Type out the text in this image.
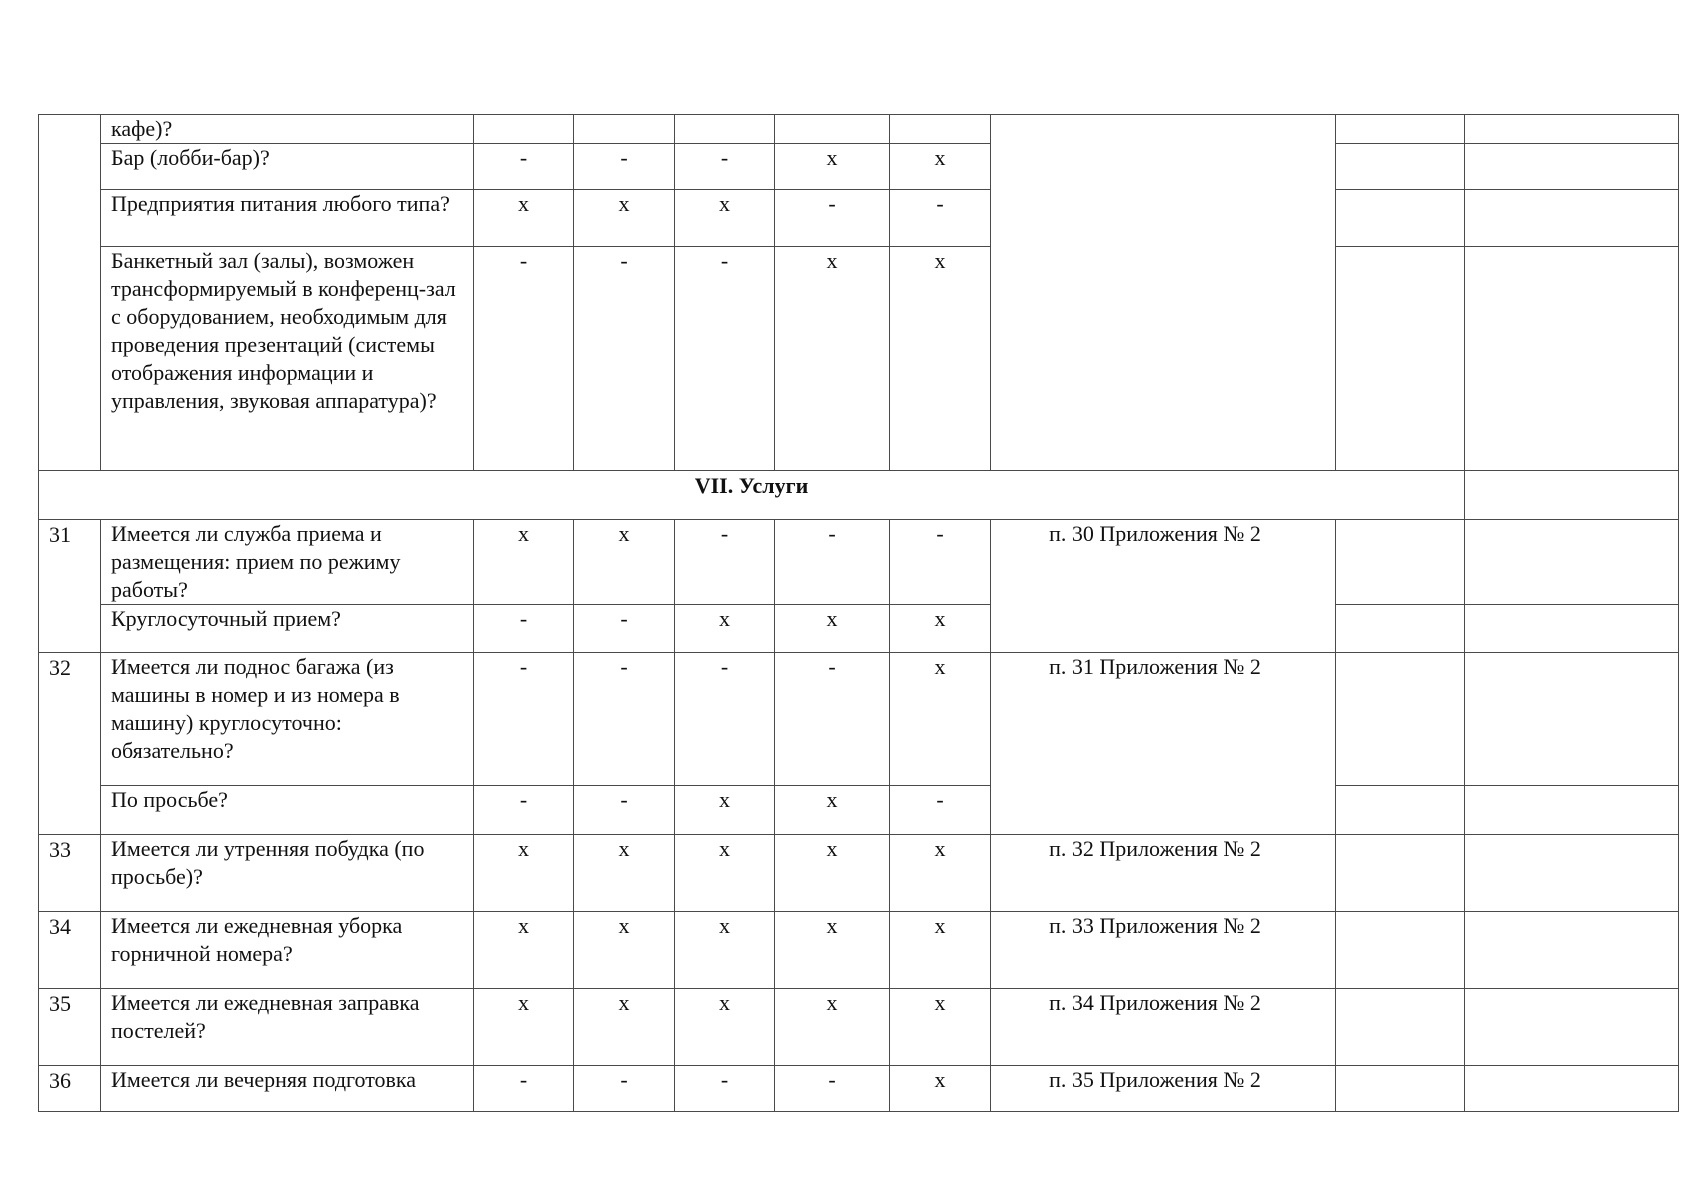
	кафе)?								
	Бар (лобби-бар)?	-	-	-	x	x			
	Предприятия питания любого типа?	x	x	x	-	-			
	Банкетный зал (залы), возможен трансформируемый в конференц-зал с оборудованием, необходимым для проведения презентаций (системы отображения информации и управления, звуковая аппаратура)?	-	-	-	x	x			
VII. Услуги									
31	Имеется ли служба приема и размещения: прием по режиму работы?	x	x	-	-	-	п. 30 Приложения № 2		
	Круглосуточный прием?	-	-	x	x	x			
32	Имеется ли поднос багажа (из машины в номер и из номера в машину) круглосуточно: обязательно?	-	-	-	-	x	п. 31 Приложения № 2		
	По просьбе?	-	-	x	x	-			
33	Имеется ли утренняя побудка (по просьбе)?	x	x	x	x	x	п. 32 Приложения № 2		
34	Имеется ли ежедневная уборка горничной номера?	x	x	x	x	x	п. 33 Приложения № 2		
35	Имеется ли ежедневная заправка постелей?	x	x	x	x	x	п. 34 Приложения № 2		
36	Имеется ли вечерняя подготовка	-	-	-	-	x	п. 35 Приложения № 2		
